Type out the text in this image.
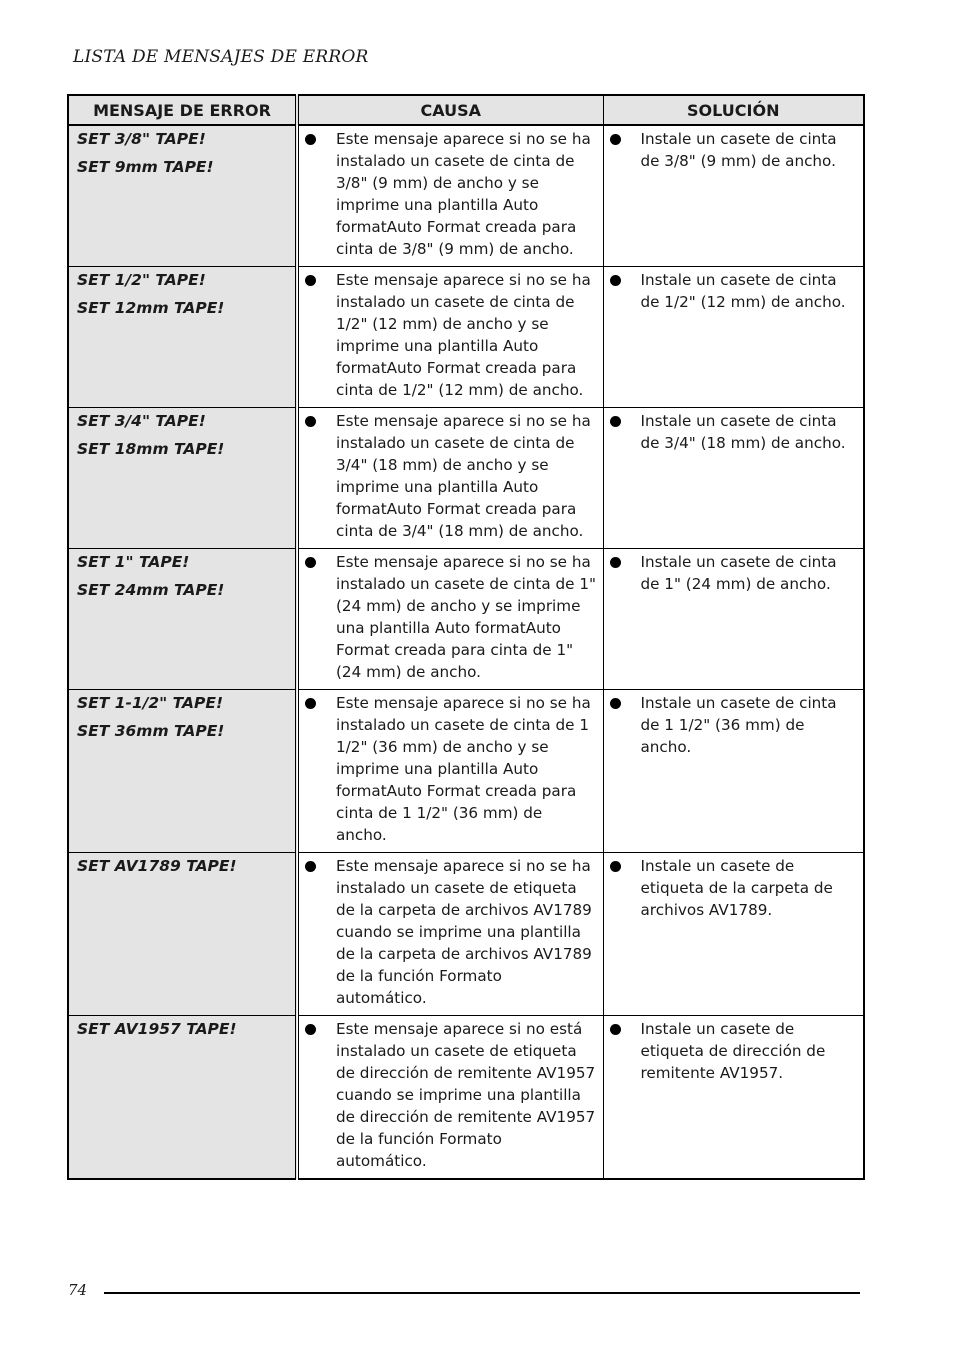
LISTA DE MENSAJES DE ERROR
MENSAJE DE ERROR	CAUSA	SOLUCIÓN

SET 3/8" TAPE!
SET 9mm TAPE!	Este mensaje aparece si no se ha instalado un casete de cinta de 3/8" (9 mm) de ancho y se imprime una plantilla Auto formatAuto Format creada para cinta de 3/8" (9 mm) de ancho.	Instale un casete de cinta de 3/8" (9 mm) de ancho.

SET 1/2" TAPE!
SET 12mm TAPE!	Este mensaje aparece si no se ha instalado un casete de cinta de 1/2" (12 mm) de ancho y se imprime una plantilla Auto formatAuto Format creada para cinta de 1/2" (12 mm) de ancho.	Instale un casete de cinta de 1/2" (12 mm) de ancho.

SET 3/4" TAPE!
SET 18mm TAPE!	Este mensaje aparece si no se ha instalado un casete de cinta de 3/4" (18 mm) de ancho y se imprime una plantilla Auto formatAuto Format creada para cinta de 3/4" (18 mm) de ancho.	Instale un casete de cinta de 3/4" (18 mm) de ancho.

SET 1" TAPE!
SET 24mm TAPE!	Este mensaje aparece si no se ha instalado un casete de cinta de 1" (24 mm) de ancho y se imprime una plantilla Auto formatAuto Format creada para cinta de 1" (24 mm) de ancho.	Instale un casete de cinta de 1" (24 mm) de ancho.

SET 1-1/2" TAPE!
SET 36mm TAPE!	Este mensaje aparece si no se ha instalado un casete de cinta de 1 1/2" (36 mm) de ancho y se imprime una plantilla Auto formatAuto Format creada para cinta de 1 1/2" (36 mm) de ancho.	Instale un casete de cinta de 1 1/2" (36 mm) de ancho.

SET AV1789 TAPE!	Este mensaje aparece si no se ha instalado un casete de etiqueta de la carpeta de archivos AV1789 cuando se imprime una plantilla de la carpeta de archivos AV1789 de la función Formato automático.	Instale un casete de etiqueta de la carpeta de archivos AV1789.

SET AV1957 TAPE!	Este mensaje aparece si no está instalado un casete de etiqueta de dirección de remitente AV1957 cuando se imprime una plantilla de dirección de remitente AV1957 de la función Formato automático.	Instale un casete de etiqueta de dirección de remitente AV1957.
74
